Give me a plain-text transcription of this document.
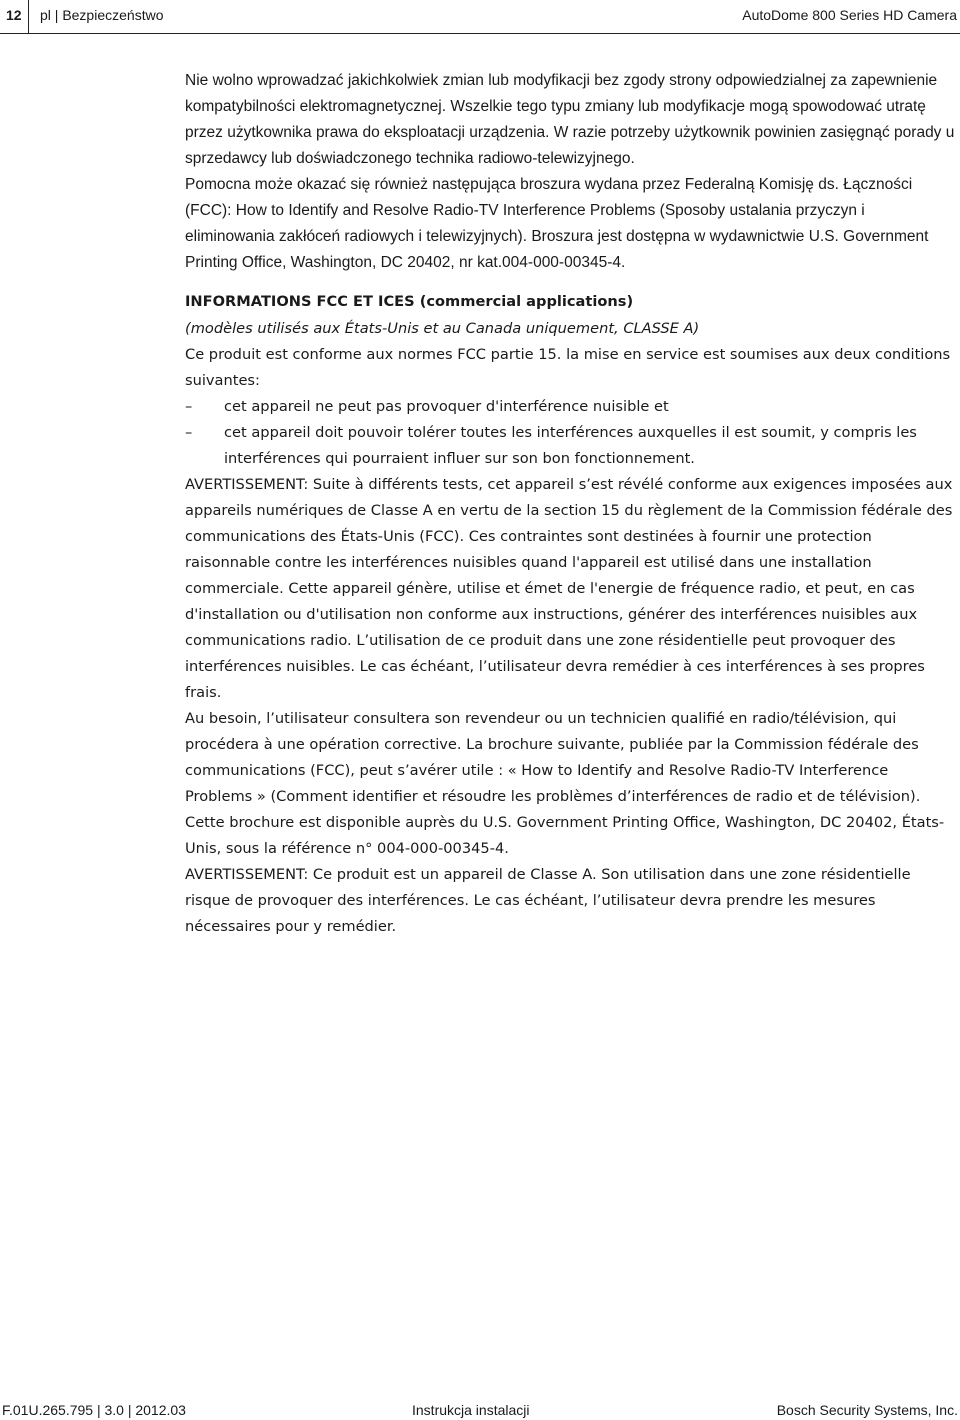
12 pl | Bezpieczeństwo	AutoDome 800 Series HD Camera

Nie wolno wprowadzać jakichkolwiek zmian lub modyfikacji bez zgody strony odpowiedzialnej za zapewnienie kompatybilności elektromagnetycznej. Wszelkie tego typu zmiany lub modyfikacje mogą spowodować utratę przez użytkownika prawa do eksploatacji urządzenia. W razie potrzeby użytkownik powinien zasięgnąć porady u sprzedawcy lub doświadczonego technika radiowo-telewizyjnego.

Pomocna może okazać się również następująca broszura wydana przez Federalną Komisję ds. Łączności (FCC): How to Identify and Resolve Radio-TV Interference Problems (Sposoby ustalania przyczyn i eliminowania zakłóceń radiowych i telewizyjnych). Broszura jest dostępna w wydawnictwie U.S. Government Printing Office, Washington, DC 20402, nr kat.004-000-00345-4.

INFORMATIONS FCC ET ICES (commercial applications)

(modèles utilisés aux États-Unis et au Canada uniquement, CLASSE A)

Ce produit est conforme aux normes FCC partie 15. la mise en service est soumises aux deux conditions suivantes:

– cet appareil ne peut pas provoquer d'interférence nuisible et
– cet appareil doit pouvoir tolérer toutes les interférences auxquelles il est soumit, y compris les interférences qui pourraient influer sur son bon fonctionnement.

AVERTISSEMENT: Suite à différents tests, cet appareil s’est révélé conforme aux exigences imposées aux appareils numériques de Classe A en vertu de la section 15 du règlement de la Commission fédérale des communications des États-Unis (FCC). Ces contraintes sont destinées à fournir une protection raisonnable contre les interférences nuisibles quand l'appareil est utilisé dans une installation commerciale. Cette appareil génère, utilise et émet de l'energie de fréquence radio, et peut, en cas d'installation ou d'utilisation non conforme aux instructions, générer des interférences nuisibles aux communications radio. L’utilisation de ce produit dans une zone résidentielle peut provoquer des interférences nuisibles. Le cas échéant, l’utilisateur devra remédier à ces interférences à ses propres frais.

Au besoin, l’utilisateur consultera son revendeur ou un technicien qualifié en radio/télévision, qui procédera à une opération corrective. La brochure suivante, publiée par la Commission fédérale des communications (FCC), peut s’avérer utile : « How to Identify and Resolve Radio-TV Interference Problems » (Comment identifier et résoudre les problèmes d’interférences de radio et de télévision). Cette brochure est disponible auprès du U.S. Government Printing Office, Washington, DC 20402, États-Unis, sous la référence n° 004-000-00345-4.

AVERTISSEMENT: Ce produit est un appareil de Classe A. Son utilisation dans une zone résidentielle risque de provoquer des interférences. Le cas échéant, l’utilisateur devra prendre les mesures nécessaires pour y remédier.

F.01U.265.795 | 3.0 | 2012.03	Instrukcja instalacji	Bosch Security Systems, Inc.
